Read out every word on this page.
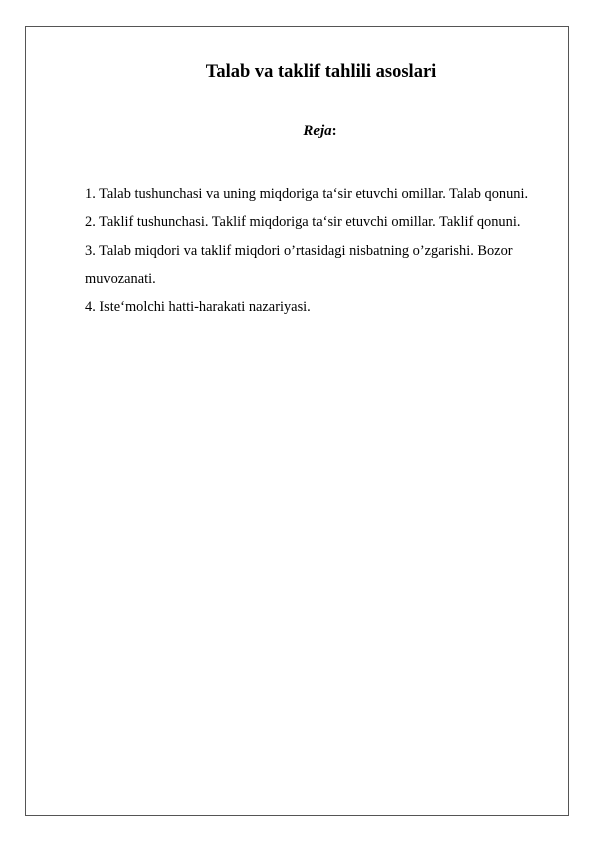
Talab va taklif tahlili asoslari
Reja:
1. Talab tushunchasi va uning miqdoriga ta‘sir etuvchi omillar. Talab qonuni.
2. Taklif tushunchasi. Taklif miqdoriga ta‘sir etuvchi omillar. Taklif qonuni.
3. Talab miqdori va taklif miqdori o’rtasidagi nisbatning o’zgarishi. Bozor muvozanati.
4. Iste‘molchi hatti-harakati nazariyasi.
